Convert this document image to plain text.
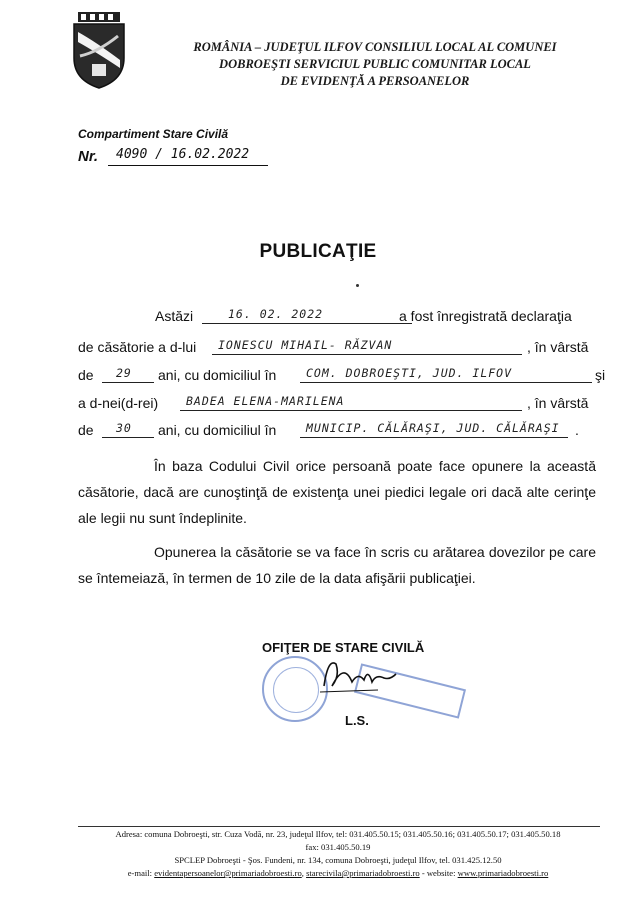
ROMÂNIA – JUDEŢUL ILFOV CONSILIUL LOCAL AL COMUNEI
DOBROEŞTI SERVICIUL PUBLIC COMUNITAR LOCAL
DE EVIDENŢĂ A PERSOANELOR
Compartiment Stare Civilă
Nr.	4090 / 16.02.2022
PUBLICAŢIE
Astăzi	16. 02. 2022	a fost înregistrată declaraţia
de căsătorie a d-lui	IONESCU MIHAIL- RĂZVAN	, în vârstă
de	29	ani, cu domiciliul în	COM. DOBROEŞTI, JUD. ILFOV	şi
a d-nei(d-rei)	BADEA ELENA-MARILENA	, în vârstă
de	30	ani, cu domiciliul în	MUNICIP. CĂLĂRAŞI, JUD. CĂLĂRAŞI	.
În baza Codului Civil orice persoană poate face opunere la această căsătorie, dacă are cunoştinţă de existenţa unei piedici legale ori dacă alte cerinţe ale legii nu sunt îndeplinite.
Opunerea la căsătorie se va face în scris cu arătarea dovezilor pe care se întemeiază, în termen de 10 zile de la data afişării publicaţiei.
OFIŢER DE STARE CIVILĂ
L.S.
Adresa: comuna Dobroeşti, str. Cuza Vodă, nr. 23, judeţul Ilfov, tel: 031.405.50.15; 031.405.50.16; 031.405.50.17; 031.405.50.18
fax: 031.405.50.19
SPCLEP Dobroeşti - Şos. Fundeni, nr. 134, comuna Dobroeşti, judeţul Ilfov, tel. 031.425.12.50
e-mail: evidentapersoanelor@primariadobroesti.ro, starecivila@primariadobroesti.ro - website: www.primariadobroesti.ro
